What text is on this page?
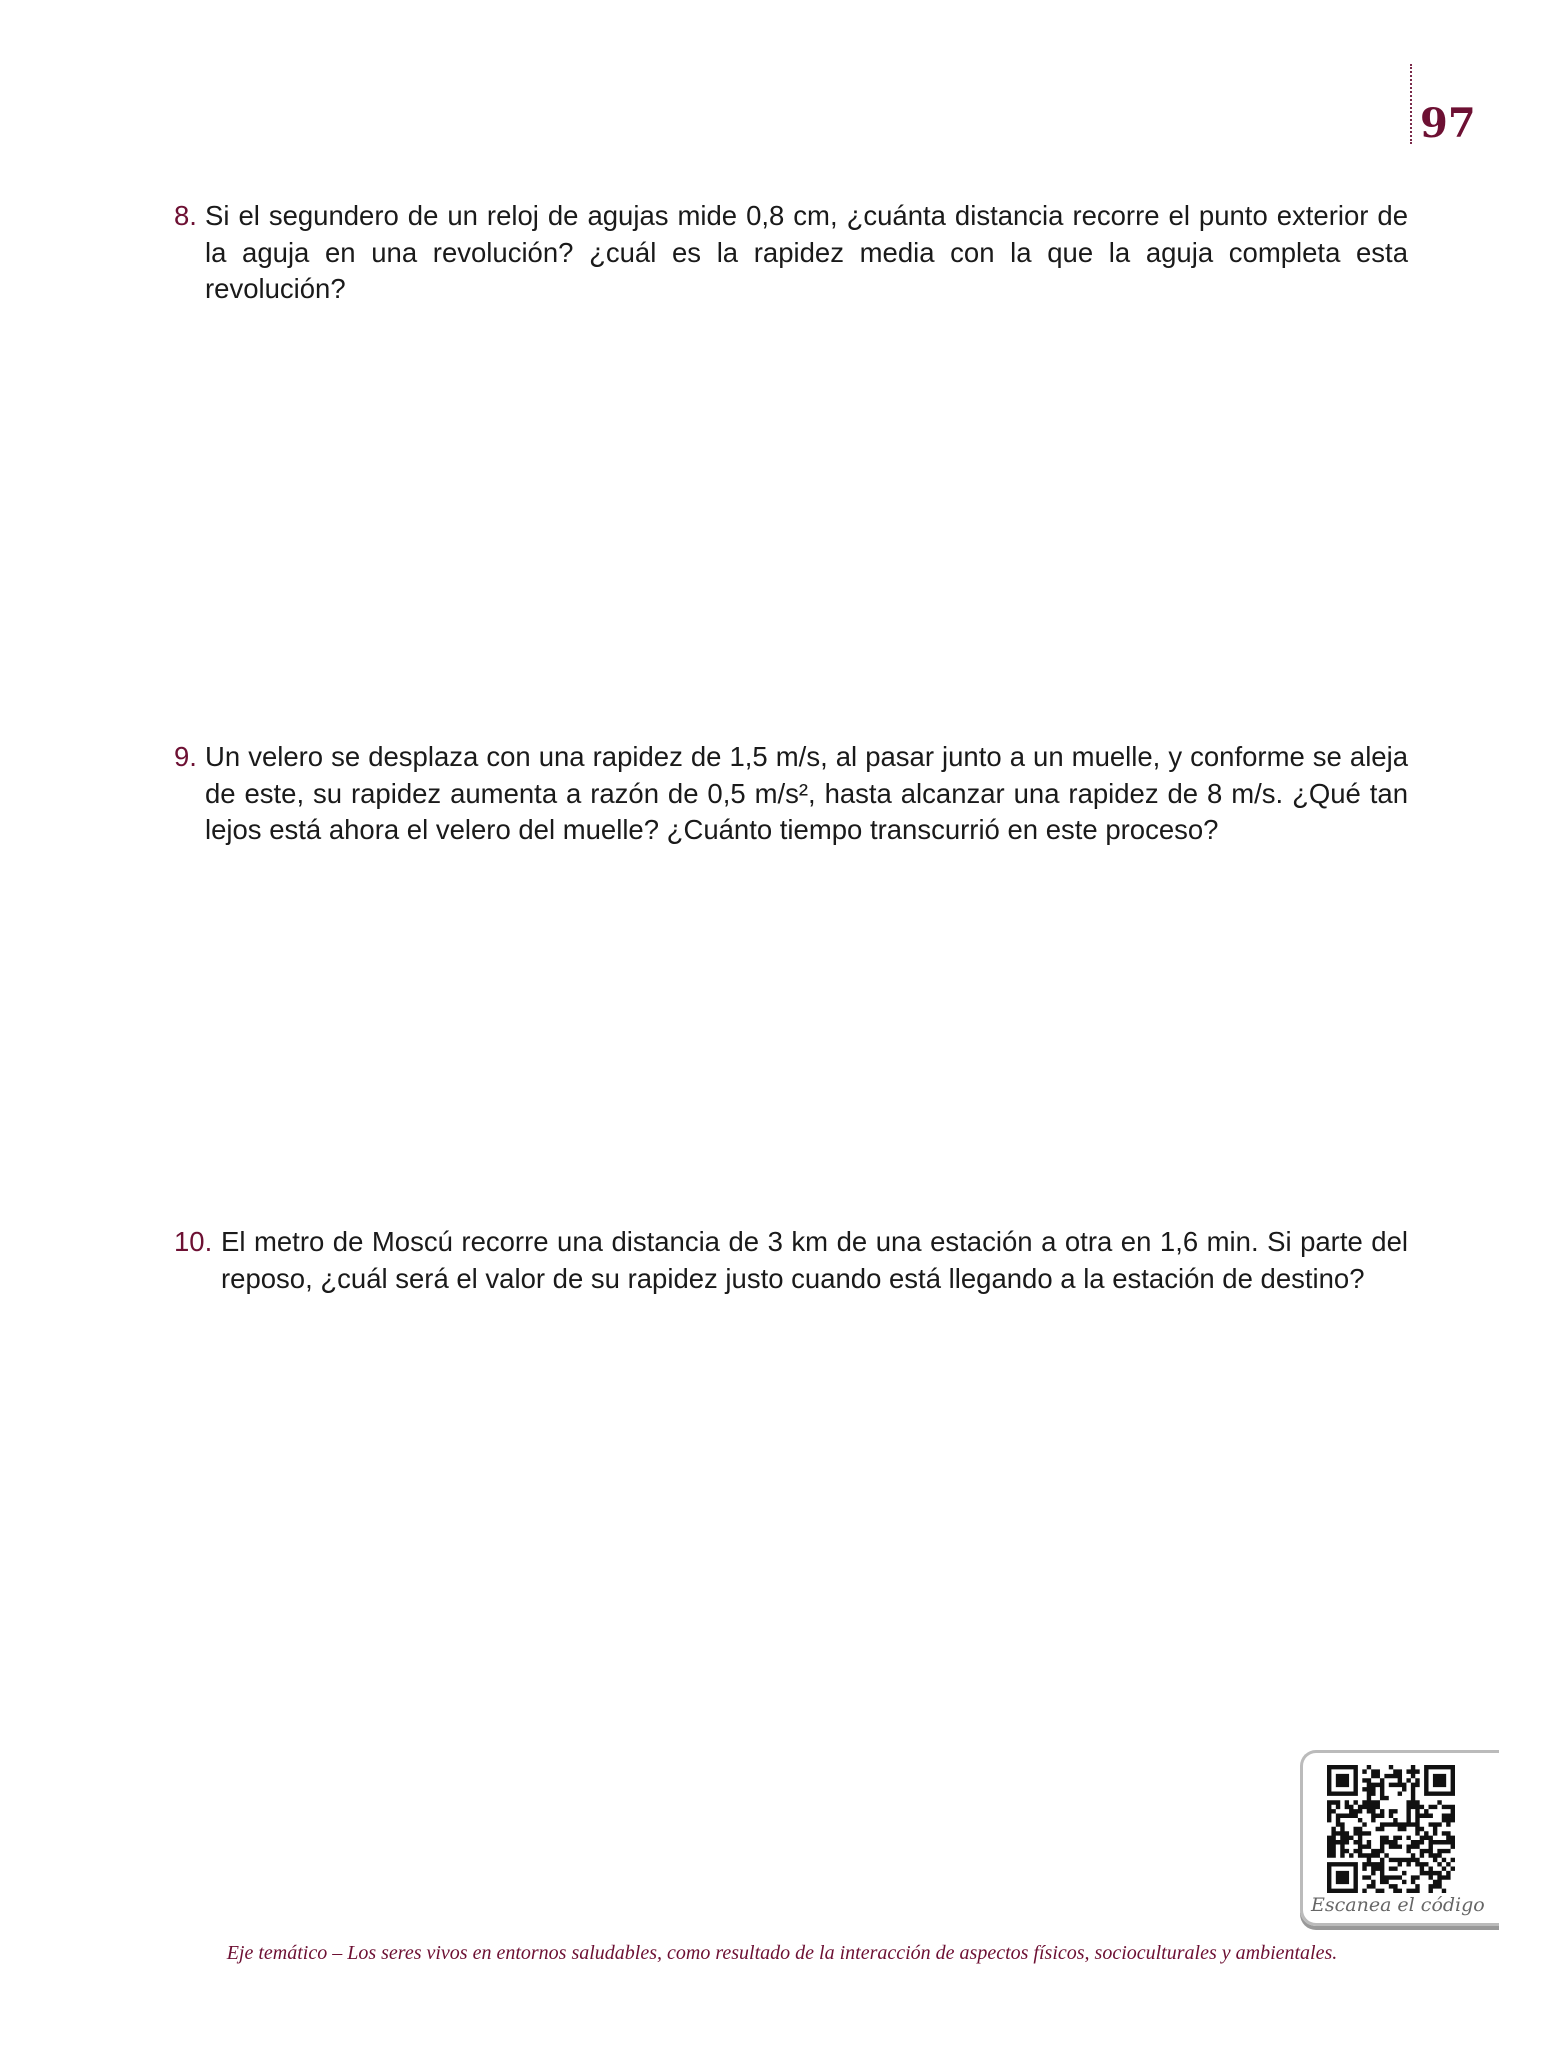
97
8. Si el segundero de un reloj de agujas mide 0,8 cm, ¿cuánta distancia recorre el punto exterior de la aguja en una revolución? ¿cuál es la rapidez media con la que la aguja completa esta revolución?
9. Un velero se desplaza con una rapidez de 1,5 m/s, al pasar junto a un muelle, y conforme se aleja de este, su rapidez aumenta a razón de 0,5 m/s², hasta alcanzar una rapidez de 8 m/s. ¿Qué tan lejos está ahora el velero del muelle? ¿Cuánto tiempo transcurrió en este proceso?
10. El metro de Moscú recorre una distancia de 3 km de una estación a otra en 1,6 min. Si parte del reposo, ¿cuál será el valor de su rapidez justo cuando está llegando a la estación de destino?
Escanea el código
Eje temático – Los seres vivos en entornos saludables, como resultado de la interacción de aspectos físicos, socioculturales y ambientales.
